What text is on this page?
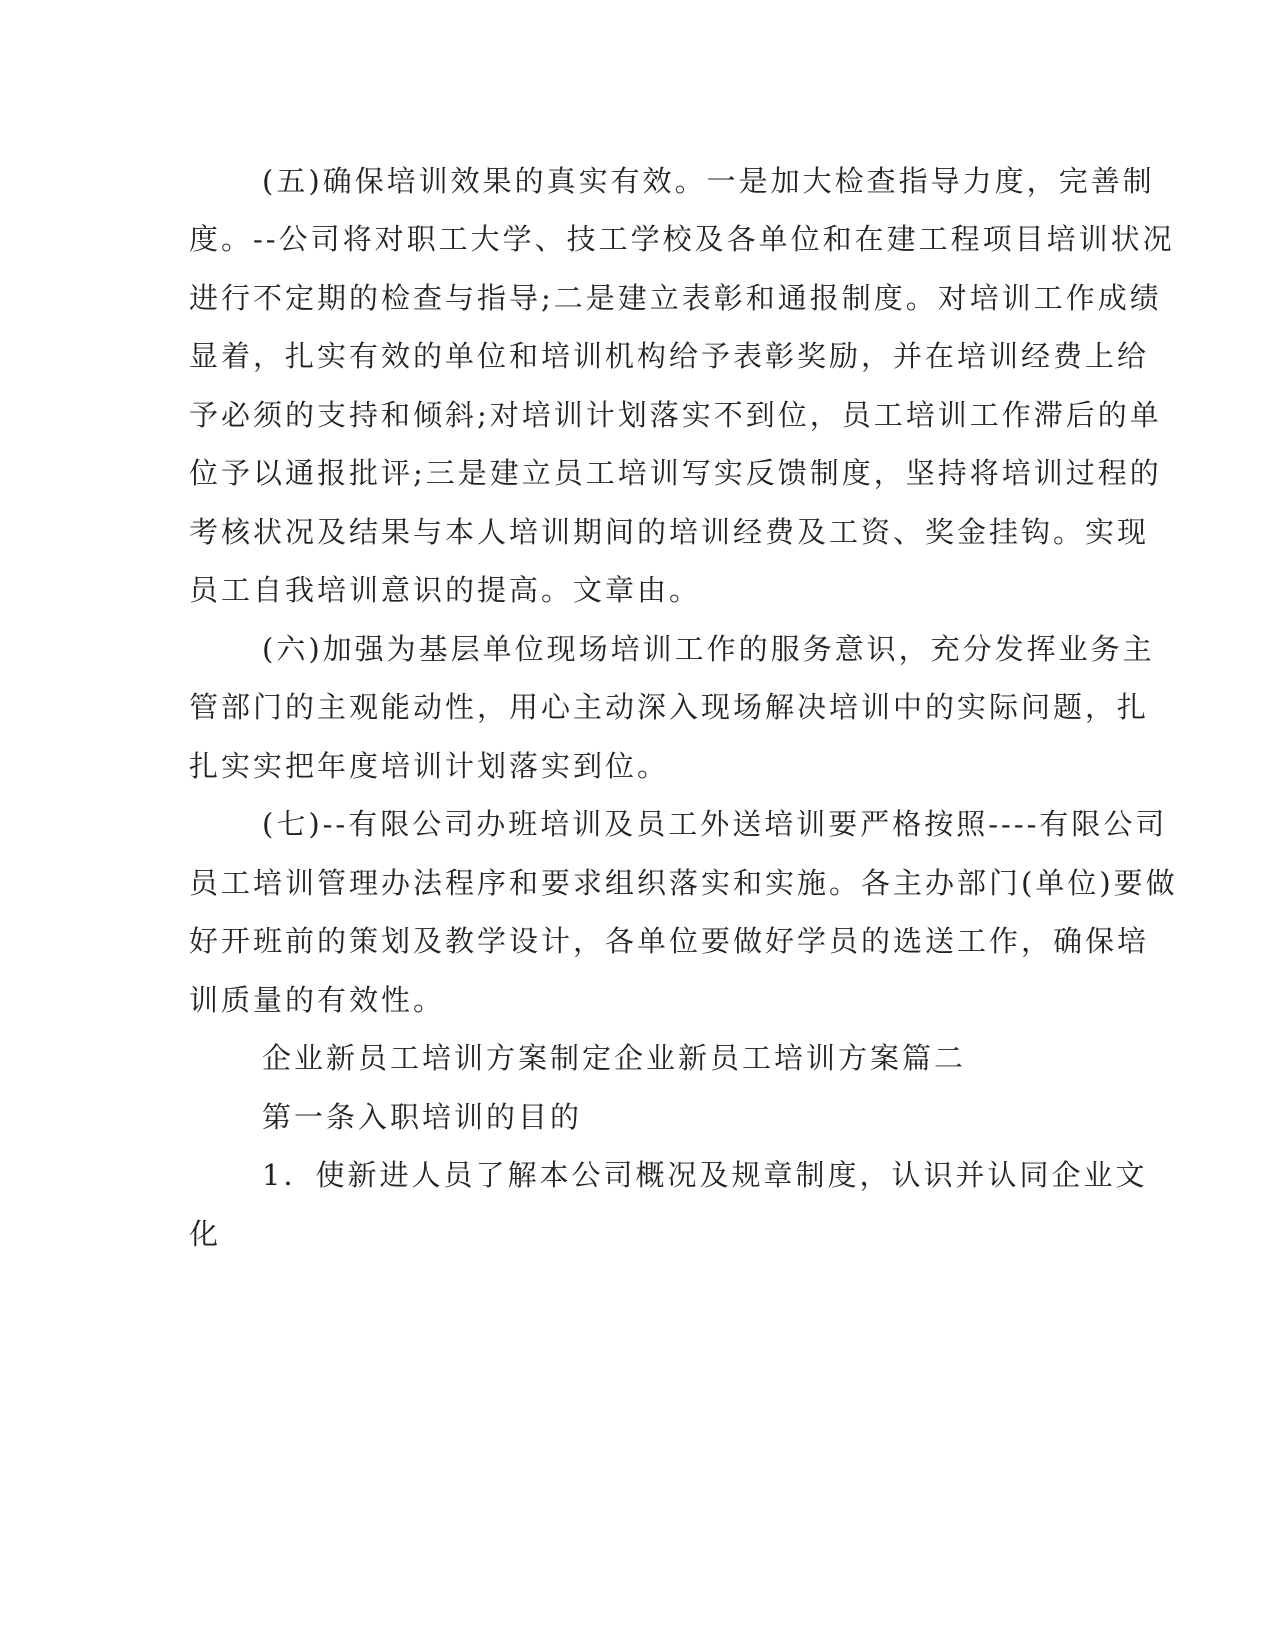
(五)确保培训效果的真实有效。一是加大检查指导力度，完善制
度。--公司将对职工大学、技工学校及各单位和在建工程项目培训状况
进行不定期的检查与指导;二是建立表彰和通报制度。对培训工作成绩
显着，扎实有效的单位和培训机构给予表彰奖励，并在培训经费上给
予必须的支持和倾斜;对培训计划落实不到位，员工培训工作滞后的单
位予以通报批评;三是建立员工培训写实反馈制度，坚持将培训过程的
考核状况及结果与本人培训期间的培训经费及工资、奖金挂钩。实现
员工自我培训意识的提高。文章由。
(六)加强为基层单位现场培训工作的服务意识，充分发挥业务主
管部门的主观能动性，用心主动深入现场解决培训中的实际问题，扎
扎实实把年度培训计划落实到位。
(七)--有限公司办班培训及员工外送培训要严格按照----有限公司
员工培训管理办法程序和要求组织落实和实施。各主办部门(单位)要做
好开班前的策划及教学设计，各单位要做好学员的选送工作，确保培
训质量的有效性。
企业新员工培训方案制定企业新员工培训方案篇二
第一条入职培训的目的
1．使新进人员了解本公司概况及规章制度，认识并认同企业文
化
